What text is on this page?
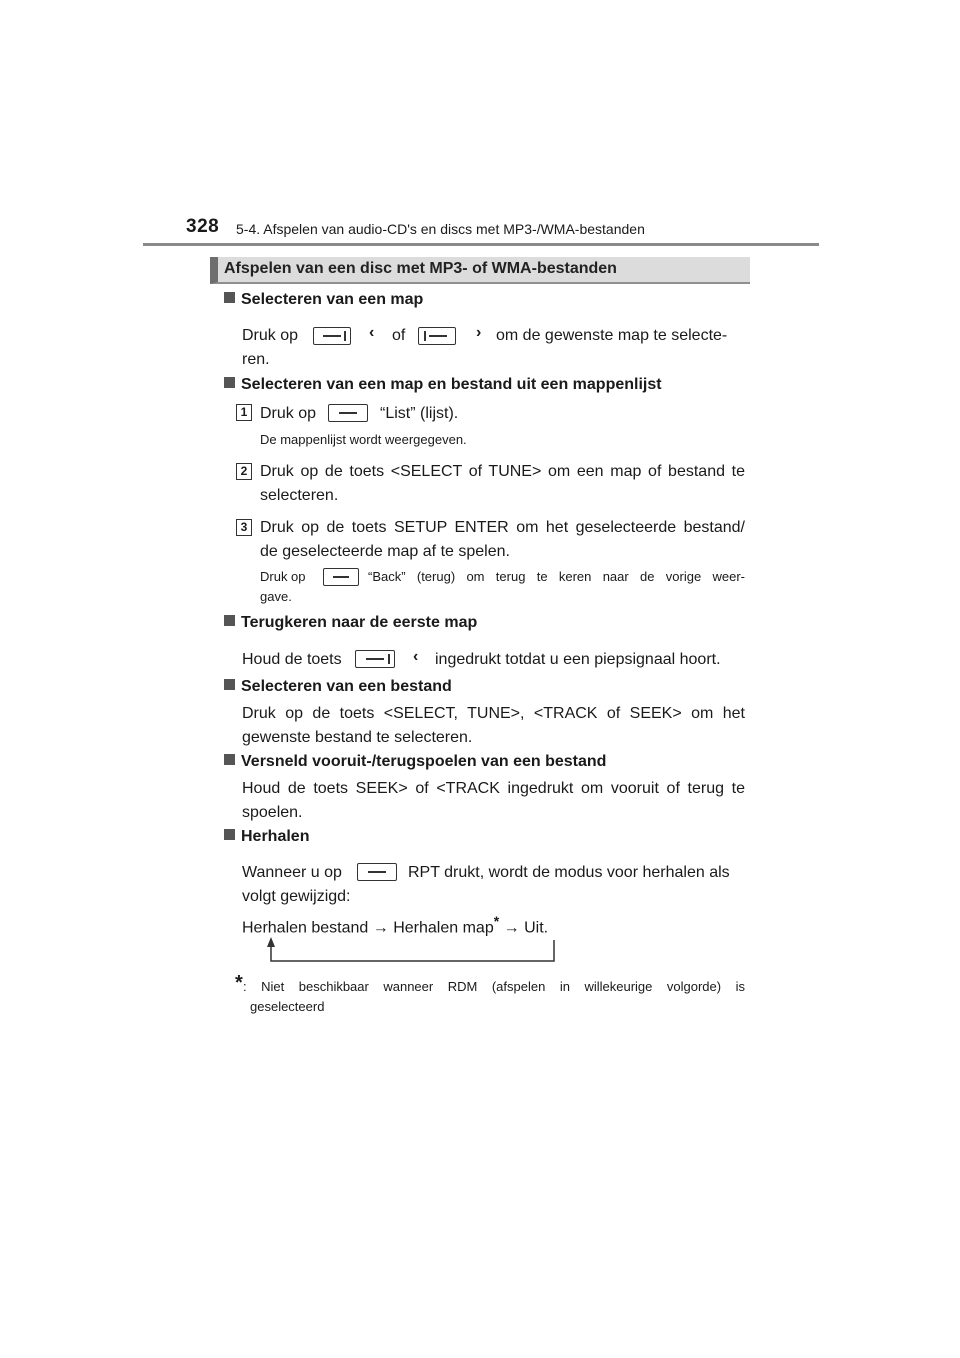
328 5-4. Afspelen van audio-CD's en discs met MP3-/WMA-bestanden
Afspelen van een disc met MP3- of WMA-bestanden
Selecteren van een map
Druk op	‹ of	› om de gewenste map te selecte-
ren.
Selecteren van een map en bestand uit een mappenlijst
1 Druk op	“List” (lijst).
De mappenlijst wordt weergegeven.
2 Druk op de toets <SELECT of TUNE> om een map of bestand te
selecteren.
3 Druk op de toets SETUP ENTER om het geselecteerde bestand/
de geselecteerde map af te spelen.
Druk op	“Back” (terug) om terug te keren naar de vorige weer-
gave.
Terugkeren naar de eerste map
Houd de toets	‹ ingedrukt totdat u een piepsignaal hoort.
Selecteren van een bestand
Druk op de toets <SELECT, TUNE>, <TRACK of SEEK> om het
gewenste bestand te selecteren.
Versneld vooruit-/terugspoelen van een bestand
Houd de toets SEEK> of <TRACK ingedrukt om vooruit of terug te
spoelen.
Herhalen
Wanneer u op	RPT drukt, wordt de modus voor herhalen als
volgt gewijzigd:
Herhalen bestand → Herhalen map* → Uit.
* : Niet beschikbaar wanneer RDM (afspelen in willekeurige volgorde) is
geselecteerd
